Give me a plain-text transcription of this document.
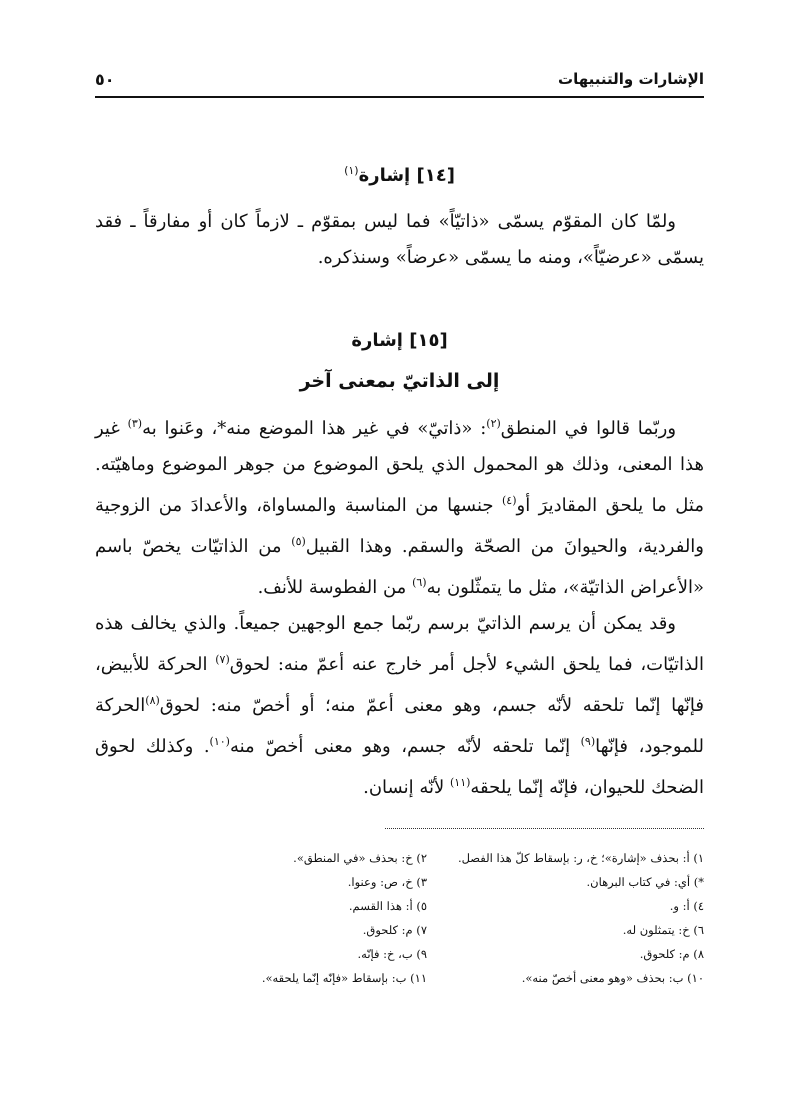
الإشارات والتنبيهات
٥٠
[١٤] إشارة$^{(١)}$

ولمّا كان المقوّم يسمّى «ذاتيّاً» فما ليس بمقوّم ـ لازماً كان أو مفارقاً ـ فقد يسمّى «عرضيّاً»، ومنه ما يسمّى «عرضاً» وسنذكره.

[١٥] إشارة
إلى الذاتيّ بمعنى آخر

وربّما قالوا في المنطق$^{(٢)}$: «ذاتيّ» في غير هذا الموضع منه*، وعَنوا به$^{(٣)}$ غير هذا المعنى، وذلك هو المحمول الذي يلحق الموضوع من جوهر الموضوع وماهيّته. مثل ما يلحق المقاديرَ أو$^{(٤)}$ جنسها من المناسبة والمساواة، والأعدادَ من الزوجية والفردية، والحيوانَ من الصحّة والسقم. وهذا القبيل$^{(٥)}$ من الذاتيّات يخصّ باسم «الأعراض الذاتيّة»، مثل ما يتمثّلون به$^{(٦)}$ من الفطوسة للأنف.

وقد يمكن أن يرسم الذاتيّ برسم ربّما جمع الوجهين جميعاً. والذي يخالف هذه الذاتيّات، فما يلحق الشيء لأجل أمر خارج عنه أعمّ منه: لحوق$^{(٧)}$ الحركة للأبيض، فإنّها إنّما تلحقه لأنّه جسم، وهو معنى أعمّ منه؛ أو أخصّ منه: لحوق$^{(٨)}$الحركة للموجود، فإنّها$^{(٩)}$ إنّما تلحقه لأنّه جسم، وهو معنى أخصّ منه$^{(١٠)}$. وكذلك لحوق الضحك للحيوان، فإنّه إنّما يلحقه$^{(١١)}$ لأنّه إنسان.

١) أ: بحذف «إشارة»؛ خ، ر: بإسقاط كلّ هذا الفصل.
٢) خ: بحذف «في المنطق».
*) أي: في كتاب البرهان.
٣) خ، ص: وعنوا.
٤) أ: و.
٥) أ: هذا القسم.
٦) خ: يتمثلون له.
٧) م: كلحوق.
٨) م: كلحوق.
٩) ب، خ: فإنّه.
١٠) ب: بحذف «وهو معنى أخصّ منه».
١١) ب: بإسقاط «فإنّه إنّما يلحقه».
